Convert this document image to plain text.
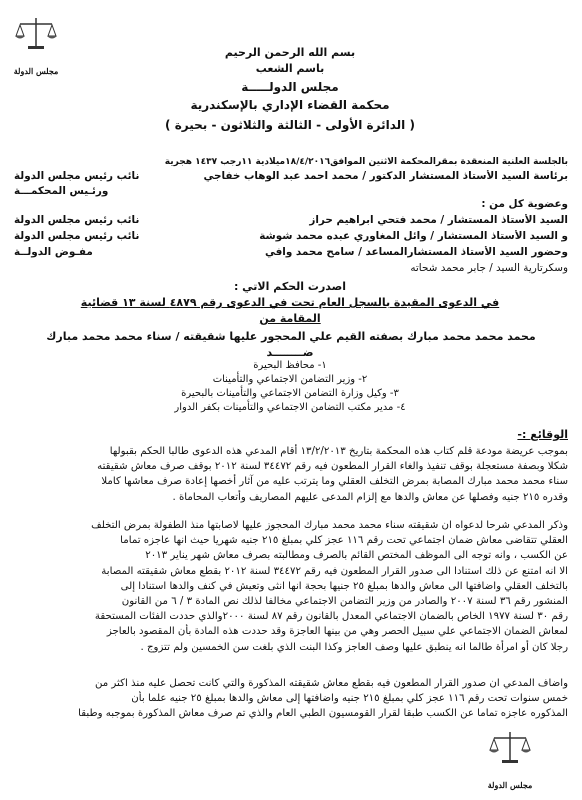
مجلس الدولة
مجلس الدولة
بسم الله الرحمن الرحيم
باسم الشعب
مجلس الدولـــــة
محكمة القضاء الإداري بالإسكندرية
( الدائرة الأولى - الثالثة والثلاثون - بحيرة )
بالجلسة العلنية المنعقدة بمقرالمحكمة الاثنين الموافق١٨/٤/٢٠١٦ميلادية ١١رجب ١٤٣٧ هجرية
برئاسة السيد الأستاذ المستشار الدكتور / محمد احمد عبد الوهاب خفاجي
نائب رئيس مجلس الدولة
ورئـيس المحكمـــة
وعضوية كل من :
السيد الأستاذ المستشار / محمد فتحي ابراهيم حراز
نائب رئيس مجلس الدولة
و السيد الأستاذ المستشار / وائل المغاوري عبده محمد شوشة
نائب رئيس مجلس الدولة
وحضور السيد الأستاذ المستشارالمساعد / سامح محمد وافي
مفـوض الدولــة
وسكرتارية السيد / جابر محمد شحاته
اصدرت الحكم الاتي :
في الدعوى المقيدة بالسجل العام تحت في الدعوى رقم ٤٨٧٩ لسنة ١٣ قضائية
المقامة من
محمد محمد محمد مبارك بصفته القيم علي المحجور عليها شقيقته / سناء محمد محمد مبارك
ضــــــــد
١- محافظ البحيرة
٢- وزير التضامن الاجتماعي والتأمينات
٣- وكيل وزارة التضامن الاجتماعي والتأمينات بالبحيرة
٤- مدير مكتب التضامن الاجتماعي والتأمينات بكفر الدوار
الوقائع :-
بموجب عريضة مودعة قلم كتاب هذه المحكمة بتاريخ ١٣/٢/٢٠١٣ أقام المدعي هذه الدعوى طالبا الحكم بقبولها
شكلا وبصفة مستعجلة بوقف تنفيذ والغاء القرار المطعون فيه رقم ٣٤٤٧٢ لسنة ٢٠١٢ بوقف صرف معاش شقيقته
سناء محمد محمد مبارك المصابة بمرض التخلف العقلي وما يترتب عليه من آثار أخصها إعادة صرف معاشها كاملا
وقدره ٢١٥ جنيه وفصلها عن معاش والدها مع إلزام المدعى عليهم المصاريف وأتعاب المحاماة .
وذكر المدعي شرحا لدعواه ان شقيقته سناء محمد محمد مبارك المحجوز عليها لاصابتها منذ الطفولة بمرض التخلف
العقلي تتقاضى معاش ضمان اجتماعي تحت رقم ١١٦ عجز كلي بمبلغ ٢١٥ جنيه شهريا حيث انها عاجزه تماما
عن الكسب ، وانه توجه الى الموظف المختص القائم بالصرف ومطالبته بصرف معاش شهر يناير ٢٠١٣
الا انه امتنع عن ذلك استنادا الى صدور القرار المطعون فيه رقم ٣٤٤٧٢ لسنة ٢٠١٢ بقطع معاش شقيقته المصابة
بالتخلف العقلي واضافتها الى معاش والدها بمبلغ ٢٥ جنيها بحجة انها انثى وتعيش في كنف والدها استنادا إلى
المنشور رقم ٣٦ لسنة ٢٠٠٧ والصادر من وزير التضامن الاجتماعي مخالفا لذلك نص المادة ٣ / ٦ من القانون
رقم ٣٠ لسنة ١٩٧٧ الخاص بالضمان الاجتماعي المعدل بالقانون رقم ٨٧ لسنة ٢٠٠٠والذي حددت الفئات المستحقة
لمعاش الضمان الاجتماعي علي سبيل الحصر وهي من بينها العاجزة وقد حددت هذه المادة بأن المقصود بالعاجز
رجلا كان أو امرأة طالما انه ينطبق عليها وصف العاجز وكذا البنت الذي بلغت سن الخمسين ولم تتزوج .
واضاف المدعي ان صدور القرار المطعون فيه بقطع معاش شقيقته المذكورة والتي كانت تحصل عليه منذ اكثر من
خمس سنوات تحت رقم ١١٦ عجز كلي بمبلغ ٢١٥ جنيه واضافتها إلى معاش والدها بمبلغ ٢٥ جنيه علما بأن
المذكوره عاجزه تماما عن الكسب طبقا لقرار القومسيون الطبي العام والذي تم صرف معاش المذكورة بموجبه وطبقا
